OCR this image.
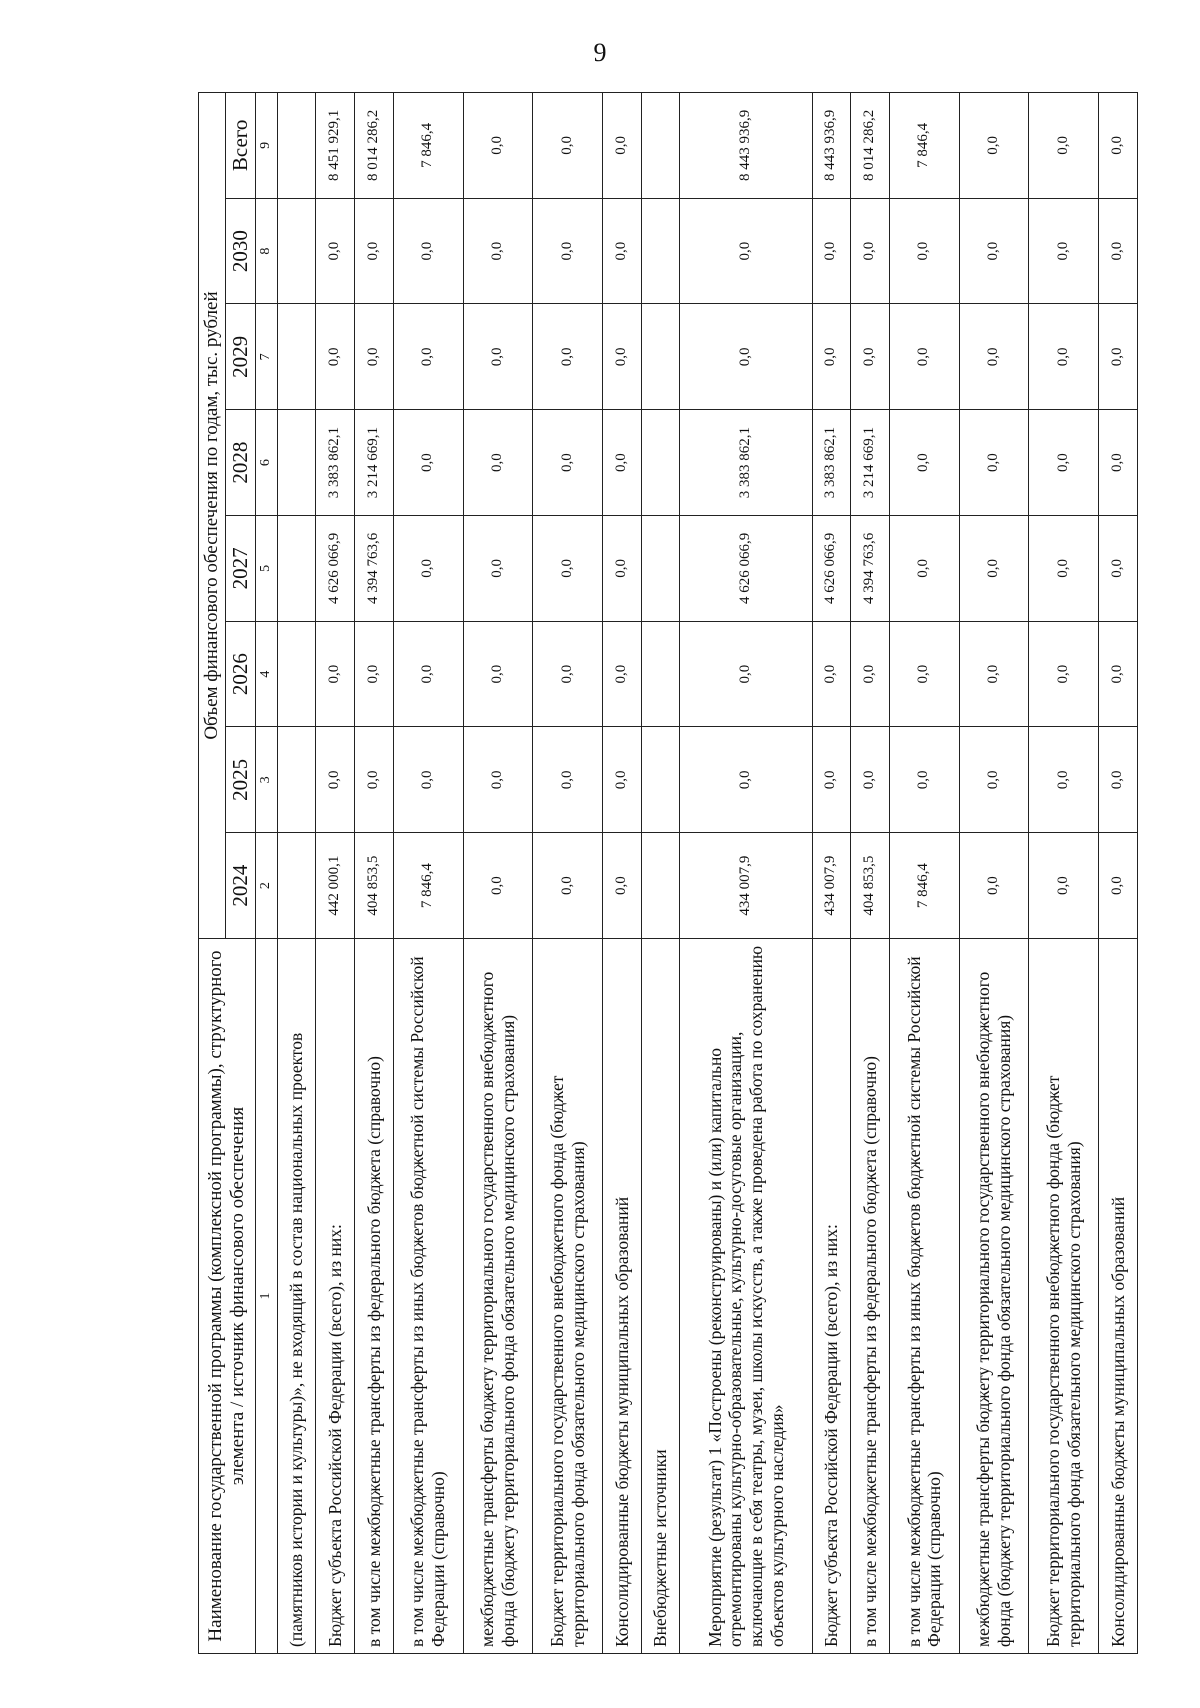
9
Наименование государственной программы (комплексной программы), структурного элемента / источник финансового обеспечения	Объем финансового обеспечения по годам, тыс. рублей							
	2024	2025	2026	2027	2028	2029	2030	Всего
1	2	3	4	5	6	7	8	9
(памятников истории и культуры)», не входящий в состав национальных проектов								
Бюджет субъекта Российской Федерации (всего), из них:	442 000,1	0,0	0,0	4 626 066,9	3 383 862,1	0,0	0,0	8 451 929,1
в том числе межбюджетные трансферты из федерального бюджета (справочно)	404 853,5	0,0	0,0	4 394 763,6	3 214 669,1	0,0	0,0	8 014 286,2
в том числе межбюджетные трансферты из иных бюджетов бюджетной системы Российской Федерации (справочно)	7 846,4	0,0	0,0	0,0	0,0	0,0	0,0	7 846,4
межбюджетные трансферты бюджету территориального государственного внебюджетного фонда (бюджету территориального фонда обязательного медицинского страхования)	0,0	0,0	0,0	0,0	0,0	0,0	0,0	0,0
Бюджет территориального государственного внебюджетного фонда (бюджет территориального фонда обязательного медицинского страхования)	0,0	0,0	0,0	0,0	0,0	0,0	0,0	0,0
Консолидированные бюджеты муниципальных образований	0,0	0,0	0,0	0,0	0,0	0,0	0,0	0,0
Внебюджетные источники								
Мероприятие (результат) 1 «Построены (реконструированы) и (или) капитально отремонтированы культурно-образовательные, культурно-досуговые организации, включающие в себя театры, музеи, школы искусств, а также проведена работа по сохранению объектов культурного наследия»	434 007,9	0,0	0,0	4 626 066,9	3 383 862,1	0,0	0,0	8 443 936,9
Бюджет субъекта Российской Федерации (всего), из них:	434 007,9	0,0	0,0	4 626 066,9	3 383 862,1	0,0	0,0	8 443 936,9
в том числе межбюджетные трансферты из федерального бюджета (справочно)	404 853,5	0,0	0,0	4 394 763,6	3 214 669,1	0,0	0,0	8 014 286,2
в том числе межбюджетные трансферты из иных бюджетов бюджетной системы Российской Федерации (справочно)	7 846,4	0,0	0,0	0,0	0,0	0,0	0,0	7 846,4
межбюджетные трансферты бюджету территориального государственного внебюджетного фонда (бюджету территориального фонда обязательного медицинского страхования)	0,0	0,0	0,0	0,0	0,0	0,0	0,0	0,0
Бюджет территориального государственного внебюджетного фонда (бюджет территориального фонда обязательного медицинского страхования)	0,0	0,0	0,0	0,0	0,0	0,0	0,0	0,0
Консолидированные бюджеты муниципальных образований	0,0	0,0	0,0	0,0	0,0	0,0	0,0	0,0
